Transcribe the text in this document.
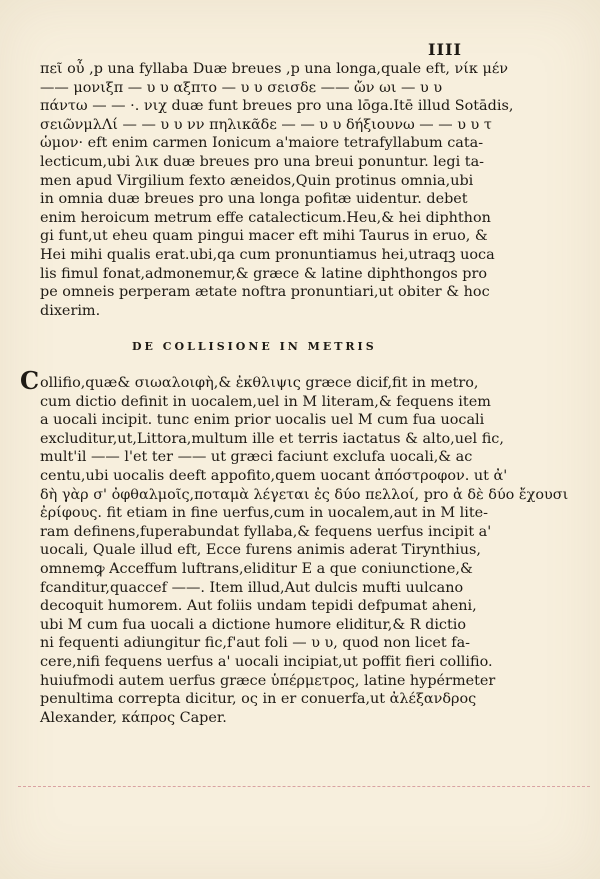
IIII
πεῖ οὖ ,p una fyllaba Duæ breues ,p una longa,quale eft, νίκ μέν
—— μονιξπ — υ υ αξπτο — υ υ σεισδε —— ὤν ωι — υ υ
πάντω — — ·. νιχ duæ funt breues pro una lōga.Itē illud Sotādis,
σειῶνμλΛί — — υ υ νν πηλικᾶδε — — υ υ δήξιουνω — — υ υ τ
ὡμον· eft enim carmen Ionicum a'maiore tetrafyllabum cata-
lecticum,ubi λικ duæ breues pro una breui ponuntur. legi ta-
men apud Virgilium fexto æneidos,Quin protinus omnia,ubi
in omnia duæ breues pro una longa pofitæ uidentur. debet
enim heroicum metrum effe catalecticum.Heu,& hei diphthon
gi funt,ut eheu quam pingui macer eft mihi Taurus in eruo, &
Hei mihi qualis erat.ubi,qa cum pronuntiamus hei,utraqꝫ uoca
lis fimul fonat,admonemur,& græce & latine diphthongos pro
pe omneis perperam ætate noftra pronuntiari,ut obiter & hoc
dixerim.
DE COLLISIONE IN METRIS
C ollifio,quæ& σιωαλοιφὴ,& ἐκθλιψις græce dicif,fit in metro,
cum dictio definit in uocalem,uel in M literam,& fequens item
a uocali incipit. tunc enim prior uocalis uel M cum fua uocali
excluditur,ut,Littora,multum ille et terris iactatus & alto,uel fic,
mult'il —— l'et ter —— ut græci faciunt exclufa uocali,& ac
centu,ubi uocalis deeft appofito,quem uocant ἀπόστροφον. ut ἀ'
δὴ γὰρ σ' ὀφθαλμοῖς,ποταμὰ λέγεται ἐς δύο πελλοί, pro ἀ δὲ δύο ἔχουσι
ἐρίφους. fit etiam in fine uerfus,cum in uocalem,aut in M lite-
ram definens,fuperabundat fyllaba,& fequens uerfus incipit a'
uocali, Quale illud eft, Ecce furens animis aderat Tirynthius,
omnemꝙ Acceffum luftrans,eliditur E a que coniunctione,&
fcanditur,quaccef ——. Item illud,Aut dulcis mufti uulcano
decoquit humorem. Aut foliis undam tepidi defpumat aheni,
ubi M cum fua uocali a dictione humore eliditur,& R dictio
ni fequenti adiungitur fic,f'aut foli — υ υ, quod non licet fa-
cere,nifi fequens uerfus a' uocali incipiat,ut poffit fieri collifio.
huiufmodi autem uerfus græce ὑπέρμετρος, latine hypérmeter
penultima correpta dicitur, ος in er conuerfa,ut ἀλέξανδρος
Alexander, κάπρος Caper.
